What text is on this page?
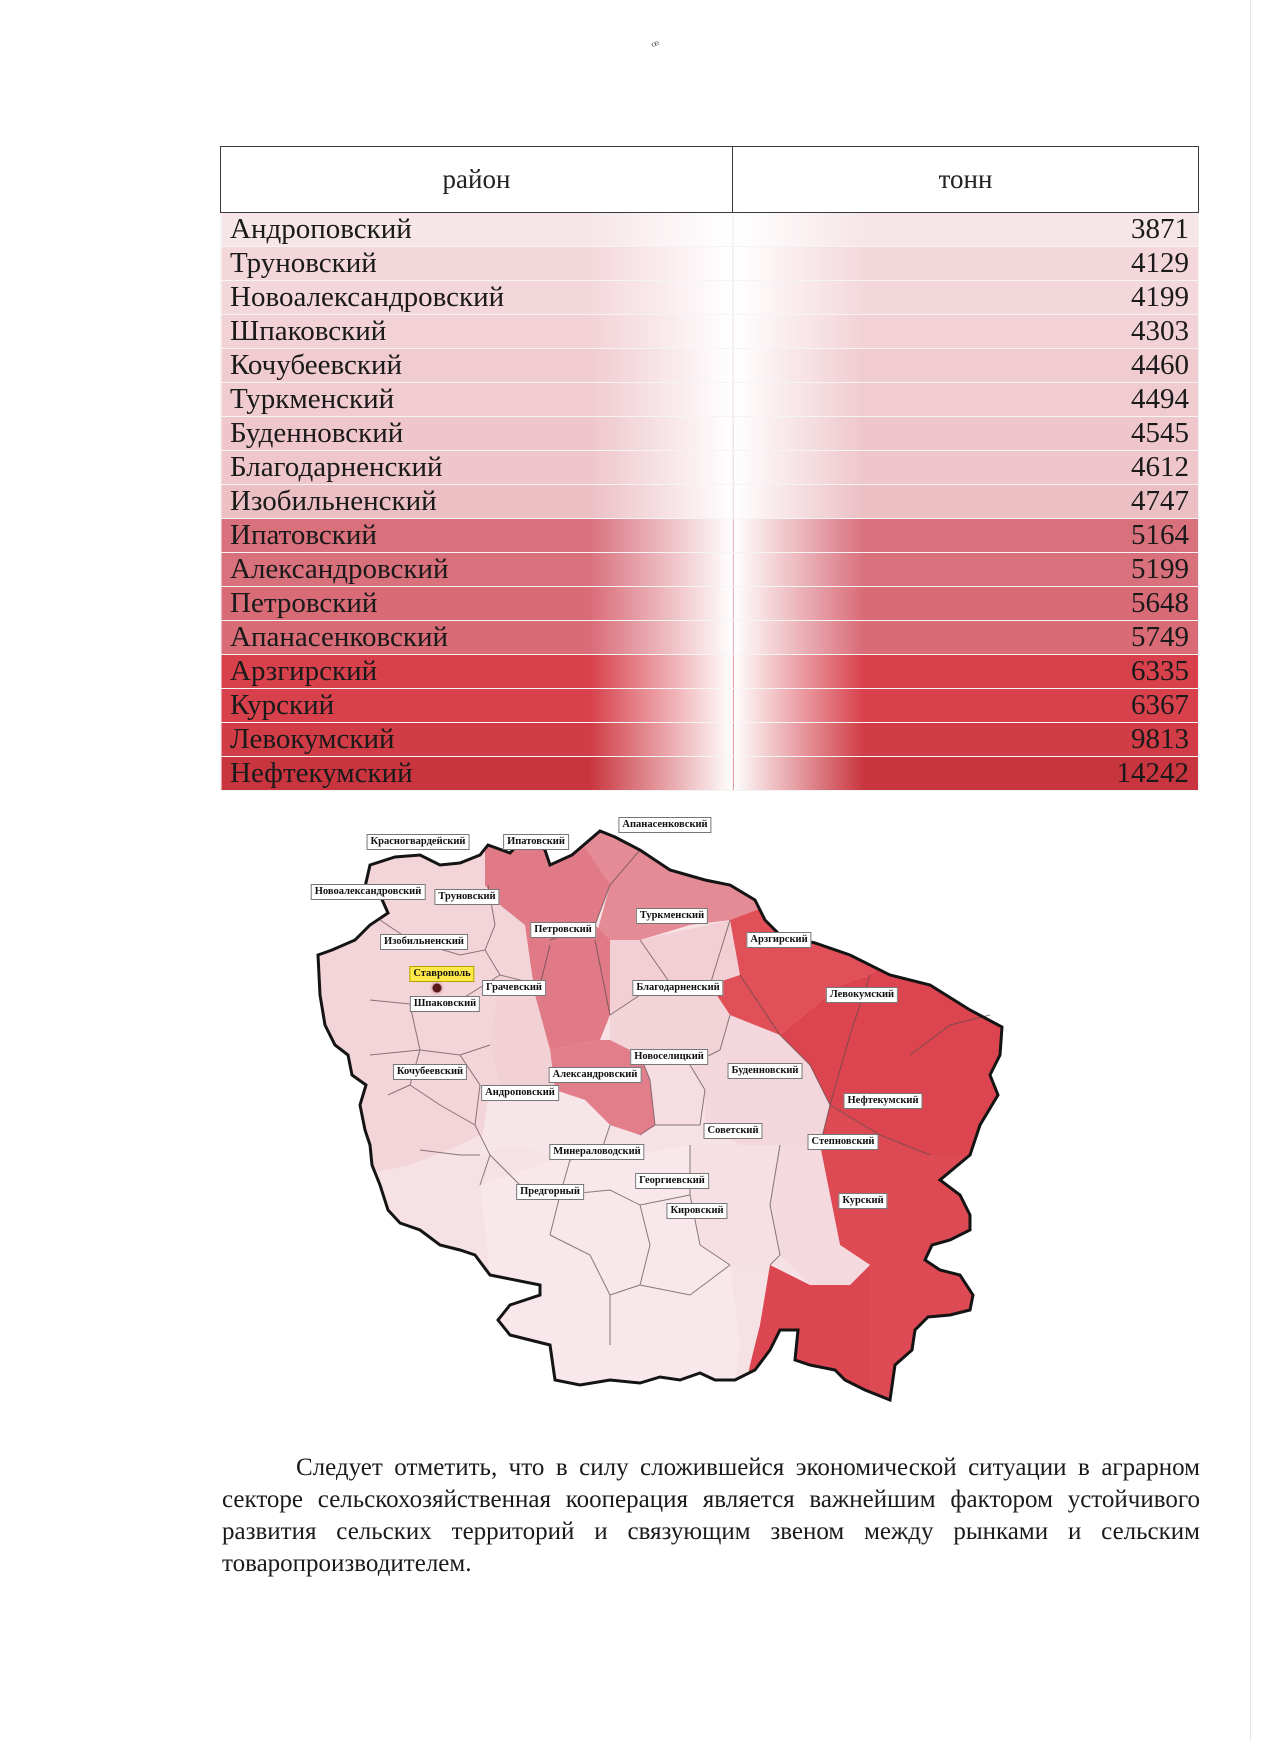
ꟹ
район	тонн
Андроповский	3871
Труновский	4129
Новоалександровский	4199
Шпаковский	4303
Кочубеевский	4460
Туркменский	4494
Буденновский	4545
Благодарненский	4612
Изобильненский	4747
Ипатовский	5164
Александровский	5199
Петровский	5648
Апанасенковский	5749
Арзгирский	6335
Курский	6367
Левокумский	9813
Нефтекумский	14242
Красногвардейский	Ипатовский
Апанасенковский
Новоалександровский	Труновский
Туркменский
Петровский
Изобильненский	Арзгирский
Ставрополь
Грачевский	Благодарненский
Левокумский
Шпаковский
Новоселицкий
Кочубеевский	Александровский	Буденновский
Андроповский
Нефтекумский
Советский
Минераловодский
Степновский
Георгиевский
Предгорный
Курский
Кировский

Следует отметить, что в силу сложившейся экономической ситуации в аграрном секторе сельскохозяйственная кооперация является важнейшим фактором устойчивого развития сельских территорий и связующим звеном между рынками и сельским товаропроизводителем.
